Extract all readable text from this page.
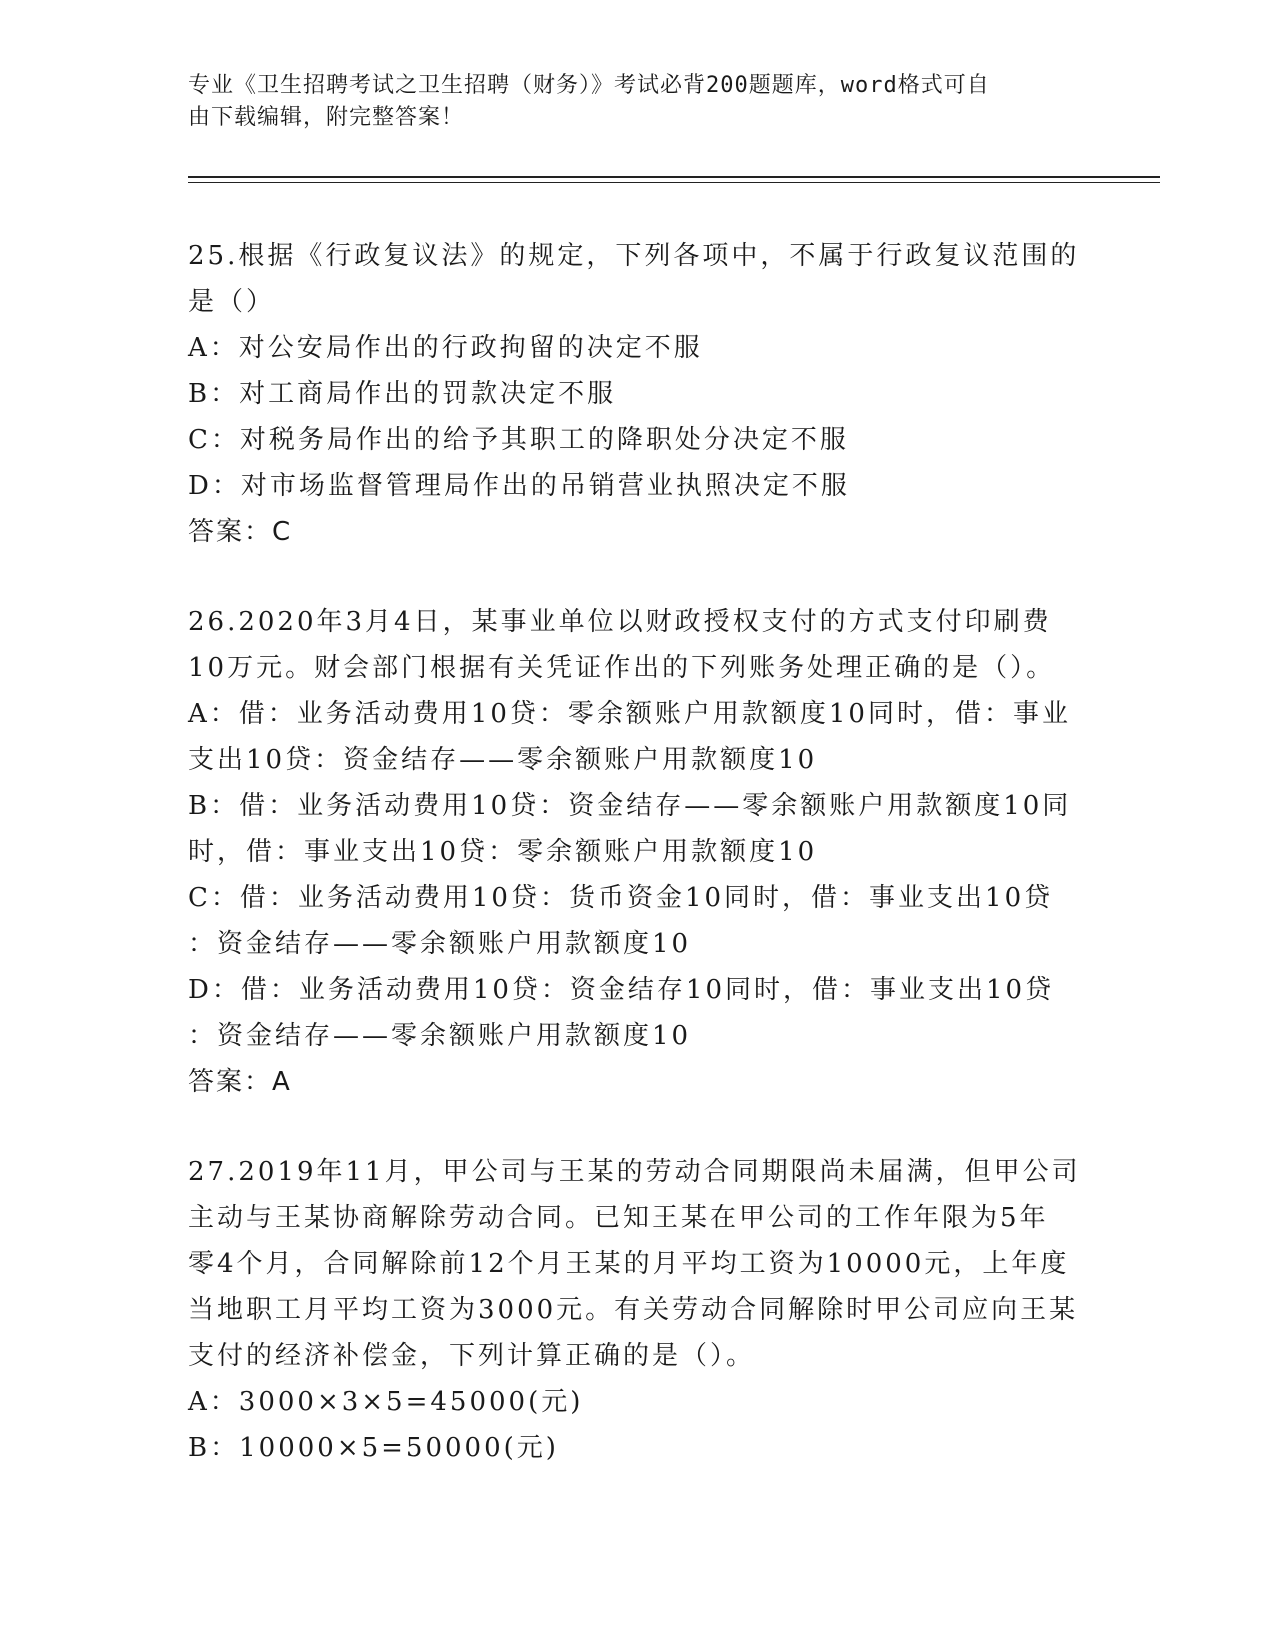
专业《卫生招聘考试之卫生招聘（财务）》考试必背200题题库，word格式可自
由下载编辑，附完整答案！
25.根据《行政复议法》的规定，下列各项中，不属于行政复议范围的
是（）
A：对公安局作出的行政拘留的决定不服
B：对工商局作出的罚款决定不服
C：对税务局作出的给予其职工的降职处分决定不服
D：对市场监督管理局作出的吊销营业执照决定不服
答案：C
26.2020年3月4日，某事业单位以财政授权支付的方式支付印刷费
10万元。财会部门根据有关凭证作出的下列账务处理正确的是（）。
A：借：业务活动费用10贷：零余额账户用款额度10同时，借：事业
支出10贷：资金结存——零余额账户用款额度10
B：借：业务活动费用10贷：资金结存——零余额账户用款额度10同
时，借：事业支出10贷：零余额账户用款额度10
C：借：业务活动费用10贷：货币资金10同时，借：事业支出10贷
：资金结存——零余额账户用款额度10
D：借：业务活动费用10贷：资金结存10同时，借：事业支出10贷
：资金结存——零余额账户用款额度10
答案：A
27.2019年11月，甲公司与王某的劳动合同期限尚未届满，但甲公司
主动与王某协商解除劳动合同。已知王某在甲公司的工作年限为5年
零4个月，合同解除前12个月王某的月平均工资为10000元，上年度
当地职工月平均工资为3000元。有关劳动合同解除时甲公司应向王某
支付的经济补偿金，下列计算正确的是（）。
A：3000×3×5=45000(元)
B：10000×5=50000(元)
